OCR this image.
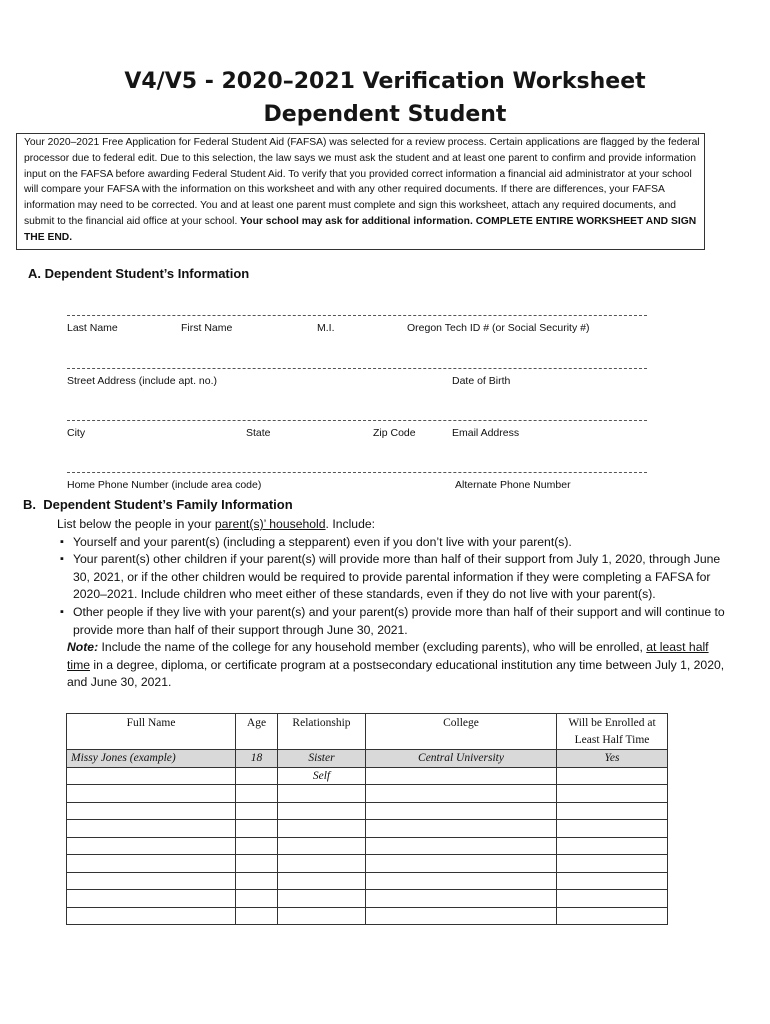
V4/V5 - 2020–2021 Verification Worksheet
Dependent Student
Your 2020–2021 Free Application for Federal Student Aid (FAFSA) was selected for a review process. Certain applications are flagged by the federal processor due to federal edit. Due to this selection, the law says we must ask the student and at least one parent to confirm and provide information input on the FAFSA before awarding Federal Student Aid. To verify that you provided correct information a financial aid administrator at your school will compare your FAFSA with the information on this worksheet and with any other required documents. If there are differences, your FAFSA information may need to be corrected. You and at least one parent must complete and sign this worksheet, attach any required documents, and submit to the financial aid office at your school. Your school may ask for additional information. COMPLETE ENTIRE WORKSHEET AND SIGN THE END.
A. Dependent Student’s Information
Last Name	First Name	M.I.	Oregon Tech ID # (or Social Security #)
Street Address (include apt. no.)	Date of Birth
City	State	Zip Code	Email Address
Home Phone Number (include area code)	Alternate Phone Number
B.  Dependent Student’s Family Information

List below the people in your parent(s)’ household. Include:

▪ Yourself and your parent(s) (including a stepparent) even if you don’t live with your parent(s).

▪ Your parent(s) other children if your parent(s) will provide more than half of their support from July 1, 2020, through June 30, 2021, or if the other children would be required to provide parental information if they were completing a FAFSA for 2020–2021. Include children who meet either of these standards, even if they do not live with your parent(s).

▪ Other people if they live with your parent(s) and your parent(s) provide more than half of their support and will continue to provide more than half of their support through June 30, 2021.

Note: Include the name of the college for any household member (excluding parents), who will be enrolled, at least half time in a degree, diploma, or certificate program at a postsecondary educational institution any time between July 1, 2020, and June 30, 2021.

Full Name	Age	Relationship	College	Will be Enrolled at
Least Half Time
Missy Jones (example)	18	Sister	Central University	Yes
		Self		
